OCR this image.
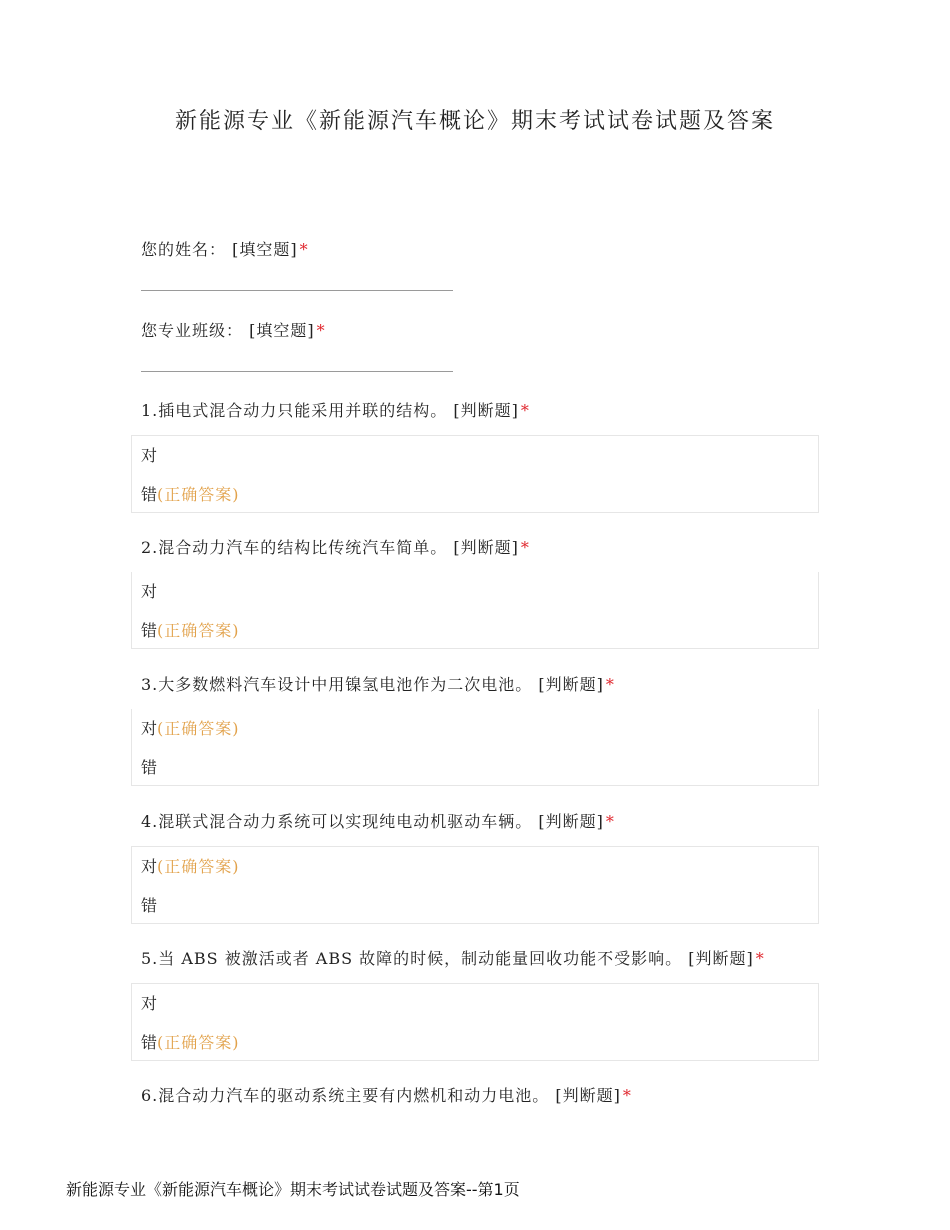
新能源专业《新能源汽车概论》期末考试试卷试题及答案
您的姓名： [填空题] *
您专业班级： [填空题] *
1.插电式混合动力只能采用并联的结构。 [判断题] *
对
错(正确答案)
2.混合动力汽车的结构比传统汽车简单。 [判断题] *
对
错(正确答案)
3.大多数燃料汽车设计中用镍氢电池作为二次电池。 [判断题] *
对(正确答案)
错
4.混联式混合动力系统可以实现纯电动机驱动车辆。 [判断题] *
对(正确答案)
错
5.当 ABS 被激活或者 ABS 故障的时候，制动能量回收功能不受影响。 [判断题] *
对
错(正确答案)
6.混合动力汽车的驱动系统主要有内燃机和动力电池。 [判断题] *
新能源专业《新能源汽车概论》期末考试试卷试题及答案--第1页
